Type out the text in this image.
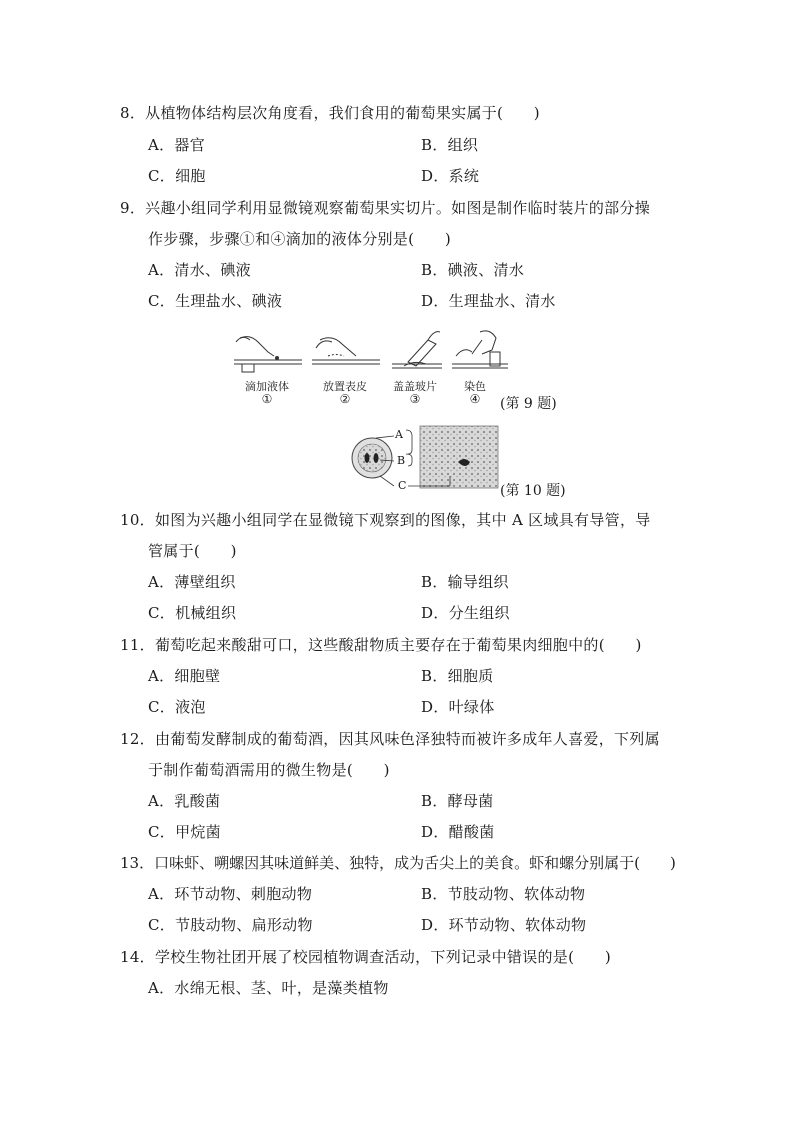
8．从植物体结构层次角度看，我们食用的葡萄果实属于(　　)
A．器官	B．组织
C．细胞	D．系统
9．兴趣小组同学利用显微镜观察葡萄果实切片。如图是制作临时装片的部分操
作步骤，步骤①和④滴加的液体分别是(　　)
A．清水、碘液	B．碘液、清水
C．生理盐水、碘液	D．生理盐水、清水
滴加液体	放置表皮	盖盖玻片	染色
①	②	③	④	(第 9 题)
A
B
C	(第 10 题)
10．如图为兴趣小组同学在显微镜下观察到的图像，其中 A 区域具有导管，导
管属于(　　)
A．薄壁组织	B．输导组织
C．机械组织	D．分生组织
11．葡萄吃起来酸甜可口，这些酸甜物质主要存在于葡萄果肉细胞中的(　　)
A．细胞壁	B．细胞质
C．液泡	D．叶绿体
12．由葡萄发酵制成的葡萄酒，因其风味色泽独特而被许多成年人喜爱，下列属
于制作葡萄酒需用的微生物是(　　)
A．乳酸菌	B．酵母菌
C．甲烷菌	D．醋酸菌
13．口味虾、嗍螺因其味道鲜美、独特，成为舌尖上的美食。虾和螺分别属于(　　)
A．环节动物、刺胞动物	B．节肢动物、软体动物
C．节肢动物、扁形动物	D．环节动物、软体动物
14．学校生物社团开展了校园植物调查活动，下列记录中错误的是(　　)
A．水绵无根、茎、叶，是藻类植物
